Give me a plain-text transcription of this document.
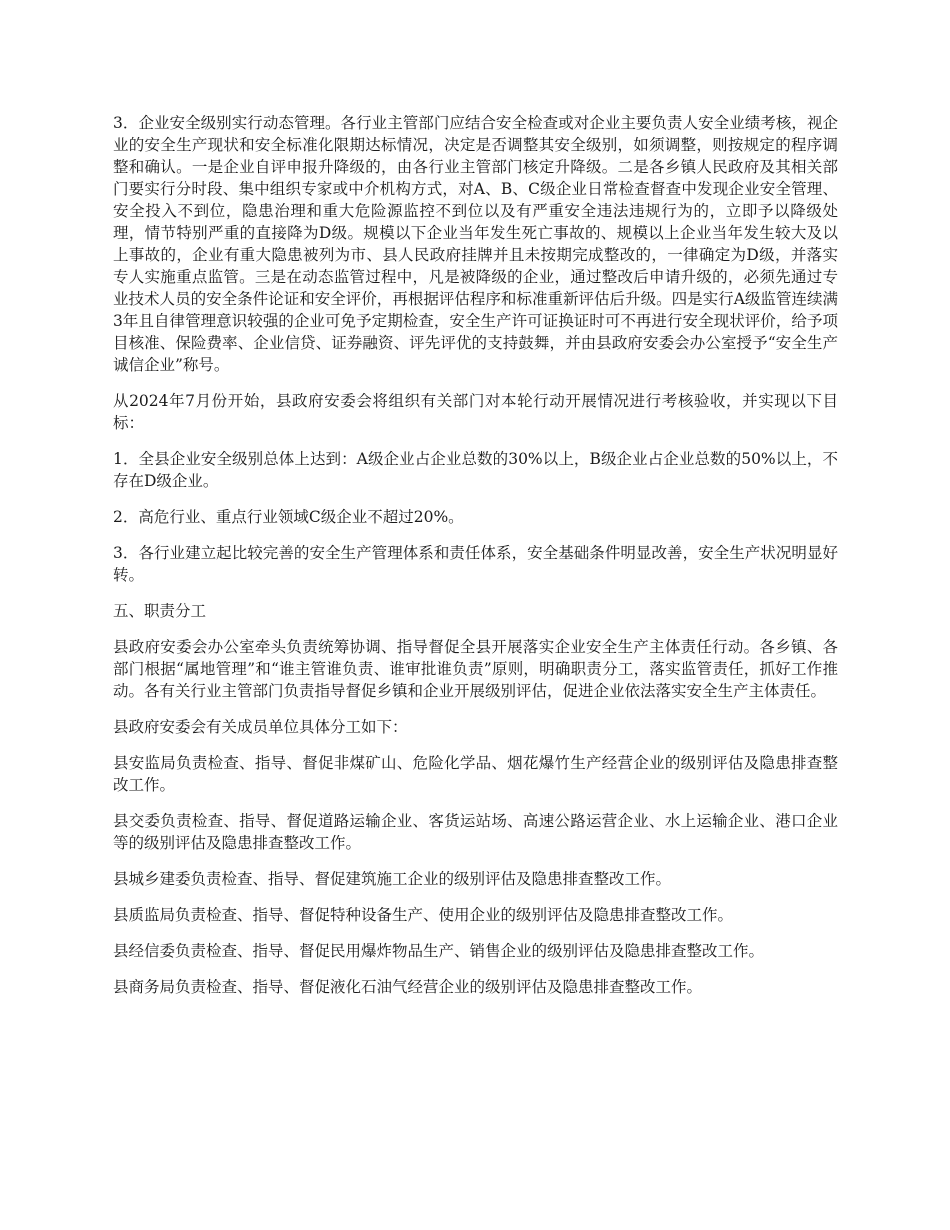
3．企业安全级别实行动态管理。各行业主管部门应结合安全检查或对企业主要负责人安全业绩考核，视企业的安全生产现状和安全标准化限期达标情况，决定是否调整其安全级别，如须调整，则按规定的程序调整和确认。一是企业自评申报升降级的，由各行业主管部门核定升降级。二是各乡镇人民政府及其相关部门要实行分时段、集中组织专家或中介机构方式，对A、B、C级企业日常检查督查中发现企业安全管理、安全投入不到位，隐患治理和重大危险源监控不到位以及有严重安全违法违规行为的，立即予以降级处理，情节特别严重的直接降为D级。规模以下企业当年发生死亡事故的、规模以上企业当年发生较大及以上事故的，企业有重大隐患被列为市、县人民政府挂牌并且未按期完成整改的，一律确定为D级，并落实专人实施重点监管。三是在动态监管过程中，凡是被降级的企业，通过整改后申请升级的，必须先通过专业技术人员的安全条件论证和安全评价，再根据评估程序和标准重新评估后升级。四是实行A级监管连续满3年且自律管理意识较强的企业可免予定期检查，安全生产许可证换证时可不再进行安全现状评价，给予项目核准、保险费率、企业信贷、证券融资、评先评优的支持鼓舞，并由县政府安委会办公室授予“安全生产诚信企业”称号。

从2024年7月份开始，县政府安委会将组织有关部门对本轮行动开展情况进行考核验收，并实现以下目标：

1．全县企业安全级别总体上达到：A级企业占企业总数的30%以上，B级企业占企业总数的50%以上，不存在D级企业。

2．高危行业、重点行业领域C级企业不超过20%。

3．各行业建立起比较完善的安全生产管理体系和责任体系，安全基础条件明显改善，安全生产状况明显好转。

五、职责分工

县政府安委会办公室牵头负责统筹协调、指导督促全县开展落实企业安全生产主体责任行动。各乡镇、各部门根据“属地管理”和“谁主管谁负责、谁审批谁负责”原则，明确职责分工，落实监管责任，抓好工作推动。各有关行业主管部门负责指导督促乡镇和企业开展级别评估，促进企业依法落实安全生产主体责任。

县政府安委会有关成员单位具体分工如下：

县安监局负责检查、指导、督促非煤矿山、危险化学品、烟花爆竹生产经营企业的级别评估及隐患排查整改工作。

县交委负责检查、指导、督促道路运输企业、客货运站场、高速公路运营企业、水上运输企业、港口企业等的级别评估及隐患排查整改工作。

县城乡建委负责检查、指导、督促建筑施工企业的级别评估及隐患排查整改工作。

县质监局负责检查、指导、督促特种设备生产、使用企业的级别评估及隐患排查整改工作。

县经信委负责检查、指导、督促民用爆炸物品生产、销售企业的级别评估及隐患排查整改工作。

县商务局负责检查、指导、督促液化石油气经营企业的级别评估及隐患排查整改工作。
